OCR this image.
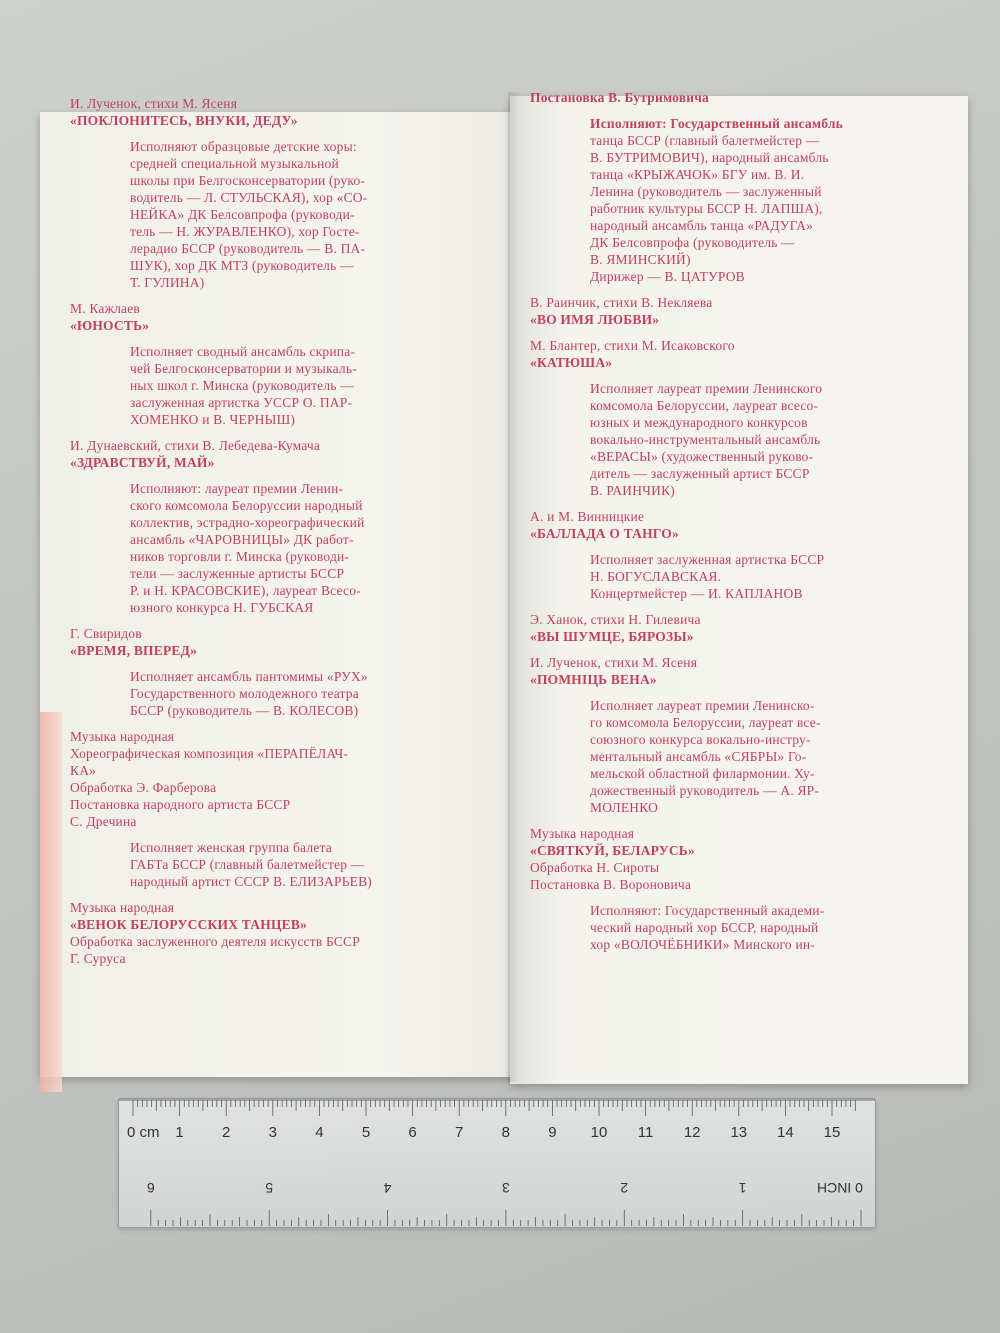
И. Лученок, стихи М. Ясеня
«ПОКЛОНИТЕСЬ, ВНУКИ, ДЕДУ»
Исполняют образцовые детские хоры:
средней специальной музыкальной
школы при Белгосконсерватории (руко-
водитель — Л. СТУЛЬСКАЯ), хор «СО-
НЕЙКА» ДК Белсовпрофа (руководи-
тель — Н. ЖУРАВЛЕНКО), хор Госте-
лерадио БССР (руководитель — В. ПА-
ШУК), хор ДК МТЗ (руководитель —
Т. ГУЛИНА)
М. Кажлаев
«ЮНОСТЬ»
Исполняет сводный ансамбль скрипа-
чей Белгосконсерватории и музыкаль-
ных школ г. Минска (руководитель —
заслуженная артистка УССР О. ПАР-
ХОМЕНКО и В. ЧЕРНЫШ)
И. Дунаевский, стихи В. Лебедева-Кумача
«ЗДРАВСТВУЙ, МАЙ»
Исполняют: лауреат премии Ленин-
ского комсомола Белоруссии народный
коллектив, эстрадно-хореографический
ансамбль «ЧАРОВНИЦЫ» ДК работ-
ников торговли г. Минска (руководи-
тели — заслуженные артисты БССР
Р. и Н. КРАСОВСКИЕ), лауреат Всесо-
юзного конкурса Н. ГУБСКАЯ
Г. Свиридов
«ВРЕМЯ, ВПЕРЕД»
Исполняет ансамбль пантомимы «РУХ»
Государственного молодежного театра
БССР (руководитель — В. КОЛЕСОВ)
Музыка народная
Хореографическая композиция «ПЕРАПЁЛАЧ-
КА»
Обработка Э. Фарберова
Постановка народного артиста БССР
С. Дречина
Исполняет женская группа балета
ГАБТа БССР (главный балетмейстер —
народный артист СССР В. ЕЛИЗАРЬЕВ)
Музыка народная
«ВЕНОК БЕЛОРУССКИХ ТАНЦЕВ»
Обработка заслуженного деятеля искусств БССР
Г. Суруса
Постановка В. Бутримовича
Исполняют: Государственный ансамбль
танца БССР (главный балетмейстер —
В. БУТРИМОВИЧ), народный ансамбль
танца «КРЫЖАЧОК» БГУ им. В. И.
Ленина (руководитель — заслуженный
работник культуры БССР Н. ЛАПША),
народный ансамбль танца «РАДУГА»
ДК Белсовпрофа (руководитель —
В. ЯМИНСКИЙ)
Дирижер — В. ЦАТУРОВ
В. Раинчик, стихи В. Некляева
«ВО ИМЯ ЛЮБВИ»
М. Блантер, стихи М. Исаковского
«КАТЮША»
Исполняет лауреат премии Ленинского
комсомола Белоруссии, лауреат всесо-
юзных и международного конкурсов
вокально-инструментальный ансамбль
«ВЕРАСЫ» (художественный руково-
дитель — заслуженный артист БССР
В. РАИНЧИК)
А. и М. Винницкие
«БАЛЛАДА О ТАНГО»
Исполняет заслуженная артистка БССР
Н. БОГУСЛАВСКАЯ.
Концертмейстер — И. КАПЛАНОВ
Э. Ханок, стихи Н. Гилевича
«ВЫ ШУМЦЕ, БЯРОЗЫ»
И. Лученок, стихи М. Ясеня
«ПОМНІЦЬ ВЕНА»
Исполняет лауреат премии Ленинско-
го комсомола Белоруссии, лауреат все-
союзного конкурса вокально-инстру-
ментальный ансамбль «СЯБРЫ» Го-
мельской областной филармонии. Ху-
дожественный руководитель — А. ЯР-
МОЛЕНКО
Музыка народная
«СВЯТКУЙ, БЕЛАРУСЬ»
Обработка Н. Сироты
Постановка В. Вороновича
Исполняют: Государственный академи-
ческий народный хор БССР, народный
хор «ВОЛОЧЁБНИКИ» Минского ин-
0 cm 1	2	3	4	5	6	7	8	9 10 11 12 13 14 15
0 INCH
1
2
3
4
5
6
